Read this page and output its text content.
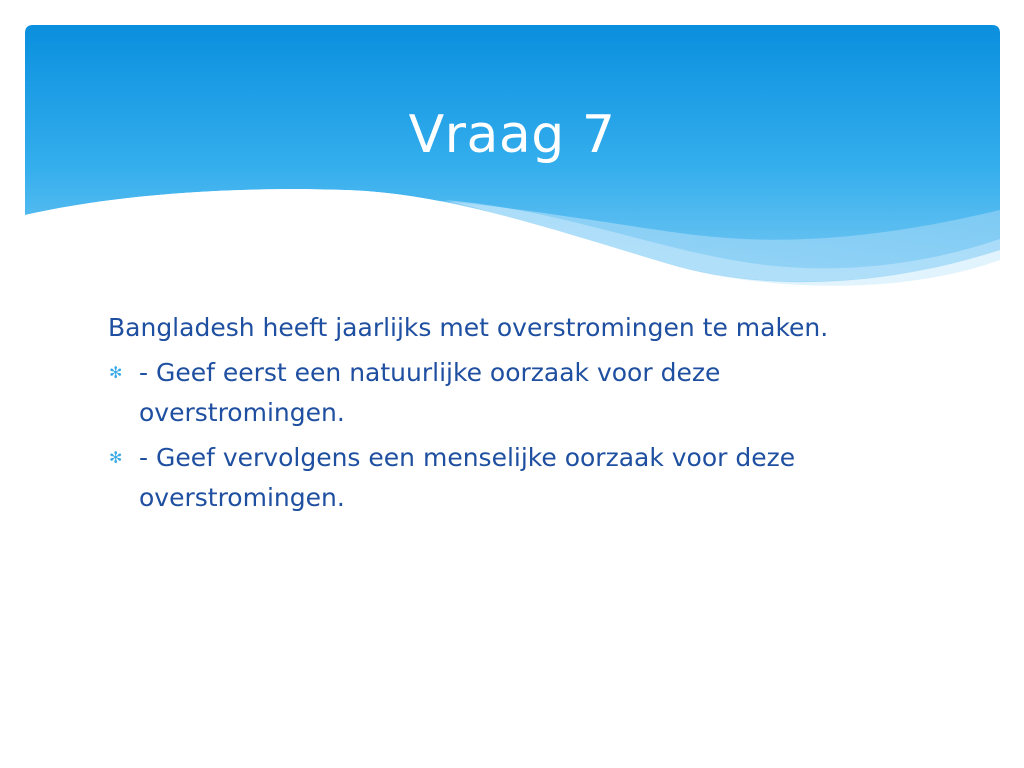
Vraag 7

Bangladesh heeft jaarlijks met overstromingen te maken.

✻ - Geef eerst een natuurlijke oorzaak voor deze overstromingen.
✻ - Geef vervolgens een menselijke oorzaak voor deze overstromingen.
